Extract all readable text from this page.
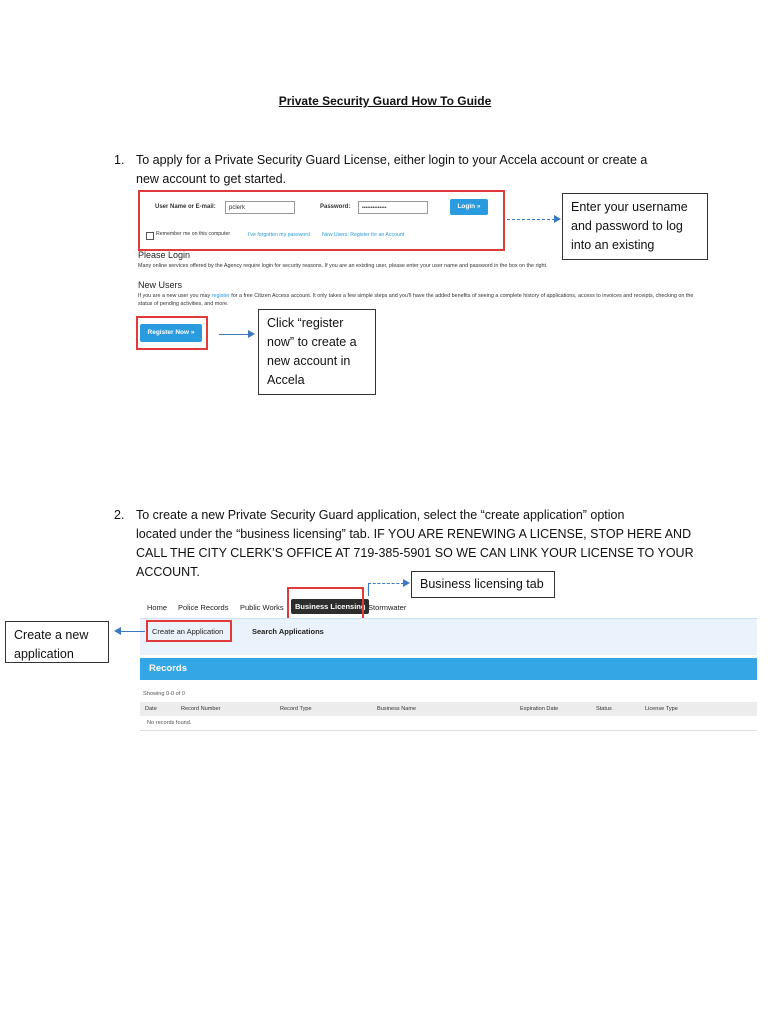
Private Security Guard How To Guide
1. To apply for a Private Security Guard License, either login to your Accela account or create a
new account to get started.
User Name or E-mail:	pclerk	Password:	••••••••••••••	Login »
Remember me on this computer	I've forgotten my password New Users: Register for an Account
Please Login
Many online services offered by the Agency require login for security reasons. If you are an existing user, please enter your user name and password in the box on the right.
New Users
If you are a new user you may register for a free Citizen Access account. It only takes a few simple steps and you'll have the added benefits of seeing a complete history of applications, access to invoices and receipts, checking on the status of pending activities, and more.
Register Now »
Enter your username and password to log into an existing
Click “register now” to create a new account in Accela
2. To create a new Private Security Guard application, select the “create application” option
located under the “business licensing” tab. IF YOU ARE RENEWING A LICENSE, STOP HERE AND
CALL THE CITY CLERK’S OFFICE AT 719-385-5901 SO WE CAN LINK YOUR LICENSE TO YOUR
ACCOUNT.
Business licensing tab
Home Police Records Public Works	Business Licensing Stormwater
Create an Application	Search Applications
Create a new application
Records
Showing 0-0 of 0
Date	Record Number	Record Type	Business Name	Expiration Date	Status	License Type
No records found.
